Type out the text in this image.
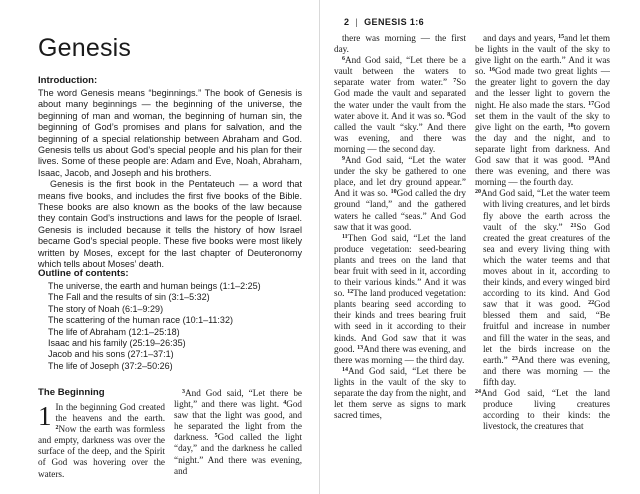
Genesis
Introduction:

The word Genesis means “beginnings.” The book of Genesis is about many beginnings — the beginning of the universe, the beginning of man and woman, the beginning of human sin, the beginning of God’s promises and plans for salvation, and the beginning of a special relationship between Abraham and God. Genesis tells us about God’s special people and his plan for their lives. Some of these people are: Adam and Eve, Noah, Abraham, Isaac, Jacob, and Joseph and his brothers.

Genesis is the first book in the Pentateuch — a word that means five books, and includes the first five books of the Bible. These books are also known as the books of the law because they contain God’s instructions and laws for the people of Israel. Genesis is included because it tells the history of how Israel became God’s special people. These five books were most likely written by Moses, except for the last chapter of Deuteronomy which tells about Moses’ death.

Outline of contents:
The universe, the earth and human beings (1:1–2:25)
The Fall and the results of sin (3:1–5:32)
The story of Noah (6:1–9:29)
The scattering of the human race (10:1–11:32)
The life of Abraham (12:1–25:18)
Isaac and his family (25:19–26:35)
Jacob and his sons (27:1–37:1)
The life of Joseph (37:2–50:26)
The Beginning

1 In the beginning God created the heavens and the earth. $^2$Now the earth was formless and empty, darkness was over the surface of the deep, and the Spirit of God was hovering over the waters.

$^3$And God said, “Let there be light,” and there was light. $^4$God saw that the light was good, and he separated the light from the darkness. $^5$God called the light “day,” and the darkness he called “night.” And there was evening, and

2 | GENESIS 1:6

there was morning — the first day.

$^6$And God said, “Let there be a vault between the waters to separate water from water.” $^7$So God made the vault and separated the water under the vault from the water above it. And it was so. $^8$God called the vault “sky.” And there was evening, and there was morning — the second day.

$^9$And God said, “Let the water under the sky be gathered to one place, and let dry ground appear.” And it was so. $^{10}$God called the dry ground “land,” and the gathered waters he called “seas.” And God saw that it was good.

$^{11}$Then God said, “Let the land produce vegetation: seed-bearing plants and trees on the land that bear fruit with seed in it, according to their various kinds.” And it was so. $^{12}$The land produced vegetation: plants bearing seed according to their kinds and trees bearing fruit with seed in it according to their kinds. And God saw that it was good. $^{13}$And there was evening, and there was morning — the third day.

$^{14}$And God said, “Let there be lights in the vault of the sky to separate the day from the night, and let them serve as signs to mark sacred times,

and days and years, $^{15}$and let them be lights in the vault of the sky to give light on the earth.” And it was so. $^{16}$God made two great lights — the greater light to govern the day and the lesser light to govern the night. He also made the stars. $^{17}$God set them in the vault of the sky to give light on the earth, $^{18}$to govern the day and the night, and to separate light from darkness. And God saw that it was good. $^{19}$And there was evening, and there was morning — the fourth day.

$^{20}$And God said, “Let the water teem with living creatures, and let birds fly above the earth across the vault of the sky.” $^{21}$So God created the great creatures of the sea and every living thing with which the water teems and that moves about in it, according to their kinds, and every winged bird according to its kind. And God saw that it was good. $^{22}$God blessed them and said, “Be fruitful and increase in number and fill the water in the seas, and let the birds increase on the earth.” $^{23}$And there was evening, and there was morning — the fifth day.

$^{24}$And God said, “Let the land produce living creatures according to their kinds: the livestock, the creatures that
